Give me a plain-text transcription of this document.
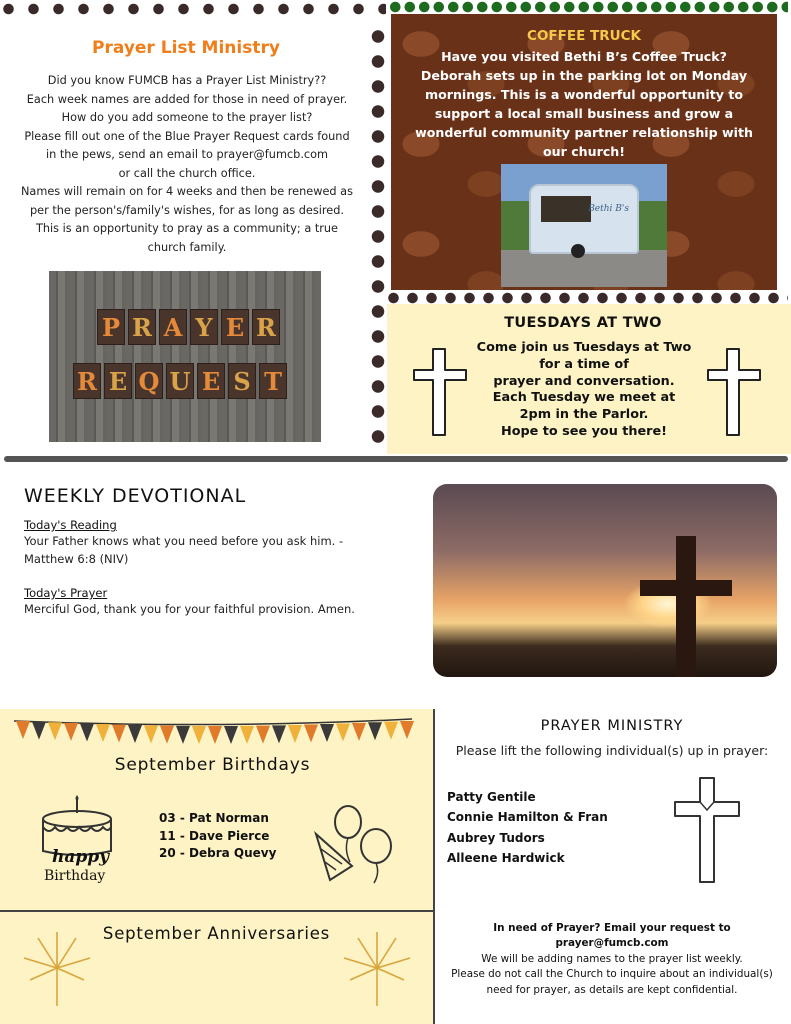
Prayer List Ministry
Did you know FUMCB has a Prayer List Ministry??
Each week names are added for those in need of prayer.
How do you add someone to the prayer list?
Please fill out one of the Blue Prayer Request cards found
in the pews, send an email to prayer@fumcb.com
or call the church office.
Names will remain on for 4 weeks and then be renewed as
per the person's/family's wishes, for as long as desired.
This is an opportunity to pray as a community; a true
church family.
P R A Y E R
R E Q U E S T
COFFEE TRUCK
Have you visited Bethi B’s Coffee Truck? Deborah sets up in the parking lot on Monday mornings. This is a wonderful opportunity to support a local small business and grow a wonderful community partner relationship with our church!
Bethi B's
TUESDAYS AT TWO
Come join us Tuesdays at Two
for a time of
prayer and conversation.
Each Tuesday we meet at
2pm in the Parlor.
Hope to see you there!
WEEKLY DEVOTIONAL
Today's Reading
Your Father knows what you need before you ask him. - Matthew 6:8 (NIV)
Today's Prayer
Merciful God, thank you for your faithful provision. Amen.
September Birthdays
happy
Birthday
03 - Pat Norman
11 - Dave Pierce
20 - Debra Quevy
September Anniversaries
PRAYER MINISTRY
Please lift the following individual(s) up in prayer:
Patty Gentile
Connie Hamilton & Fran
Aubrey Tudors
Alleene Hardwick
In need of Prayer? Email your request to
prayer@fumcb.com
We will be adding names to the prayer list weekly.
Please do not call the Church to inquire about an individual(s)
need for prayer, as details are kept confidential.
